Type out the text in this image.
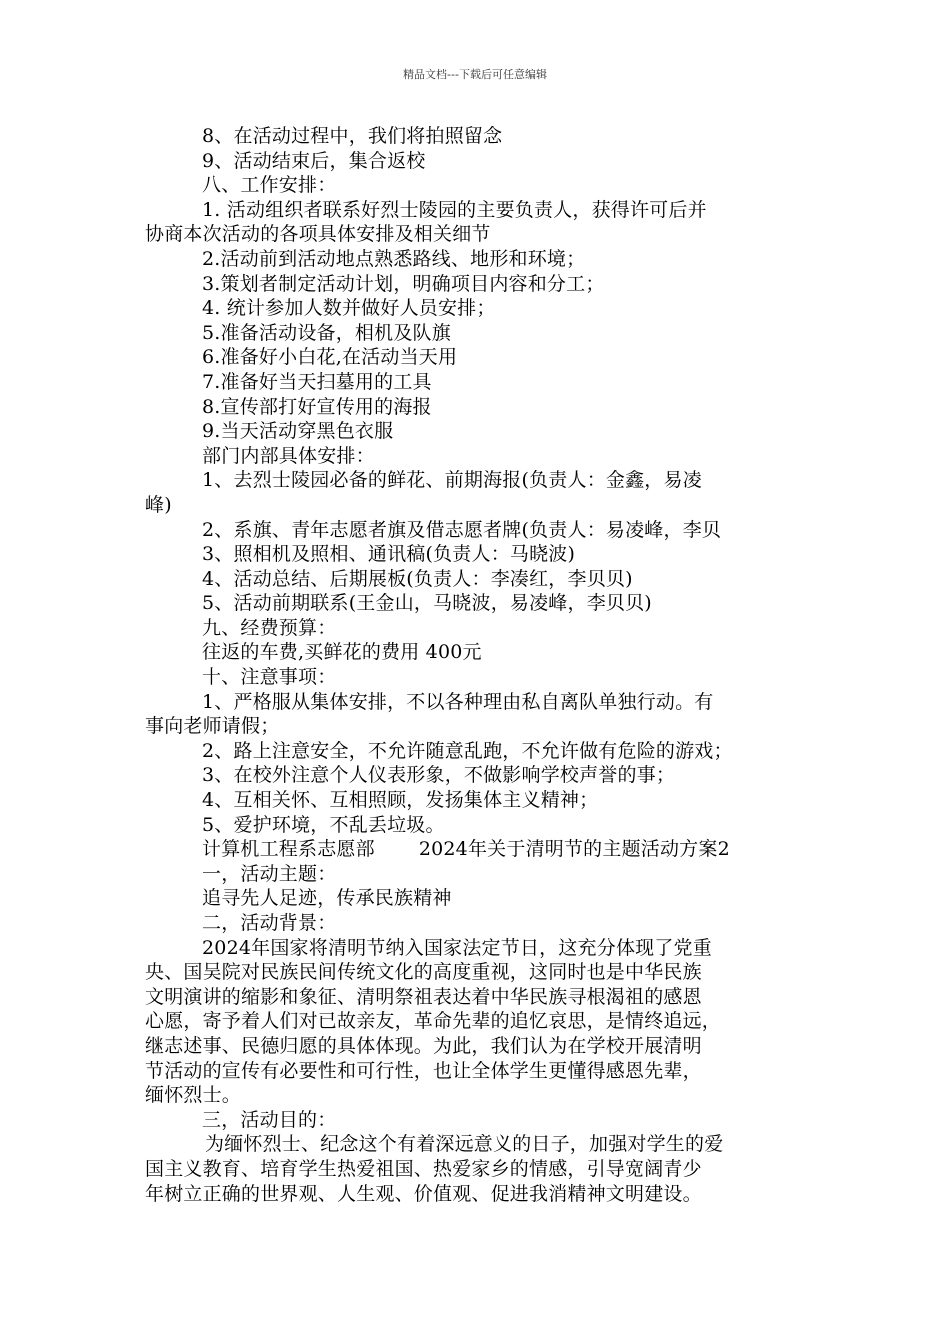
精品文档---下载后可任意编辑
8、在活动过程中，我们将拍照留念
9、活动结束后，集合返校
八、工作安排：
1. 活动组织者联系好烈士陵园的主要负责人，获得许可后并
协商本次活动的各项具体安排及相关细节
2.活动前到活动地点熟悉路线、地形和环境；
3.策划者制定活动计划，明确项目内容和分工；
4. 统计参加人数并做好人员安排；
5.准备活动设备，相机及队旗
6.准备好小白花,在活动当天用
7.准备好当天扫墓用的工具
8.宣传部打好宣传用的海报
9.当天活动穿黑色衣服
部门内部具体安排：
1、去烈士陵园必备的鲜花、前期海报(负责人：金鑫，易凌
峰)
2、系旗、青年志愿者旗及借志愿者牌(负责人：易凌峰，李贝
3、照相机及照相、通讯稿(负责人：马晓波)
4、活动总结、后期展板(负责人：李凑红，李贝贝)
5、活动前期联系(王金山，马晓波，易凌峰，李贝贝)
九、经费预算：
往返的车费,买鲜花的费用 400元
十、注意事项：
1、严格服从集体安排，不以各种理由私自离队单独行动。有
事向老师请假；
2、路上注意安全，不允许随意乱跑，不允许做有危险的游戏；
3、在校外注意个人仪表形象，不做影响学校声誉的事；
4、互相关怀、互相照顾，发扬集体主义精神；
5、爱护环境，不乱丢垃圾。
计算机工程系志愿部 2024年关于清明节的主题活动方案2
一，活动主题：
追寻先人足迹，传承民族精神
二，活动背景：
2024年国家将清明节纳入国家法定节日，这充分体现了党重
央、国吴院对民族民间传统文化的高度重视，这同时也是中华民族
文明演讲的缩影和象征、清明祭祖表达着中华民族寻根渴祖的感恩
心愿，寄予着人们对已故亲友，革命先辈的追忆哀思，是情终追远，
继志述事、民德归愿的具体体现。为此，我们认为在学校开展清明
节活动的宣传有必要性和可行性，也让全体学生更懂得感恩先辈，
缅怀烈士。
三，活动目的：
为缅怀烈士、纪念这个有着深远意义的日子，加强对学生的爱
国主义教育、培育学生热爱祖国、热爱家乡的情感，引导宽阔青少
年树立正确的世界观、人生观、价值观、促进我消精神文明建设。
